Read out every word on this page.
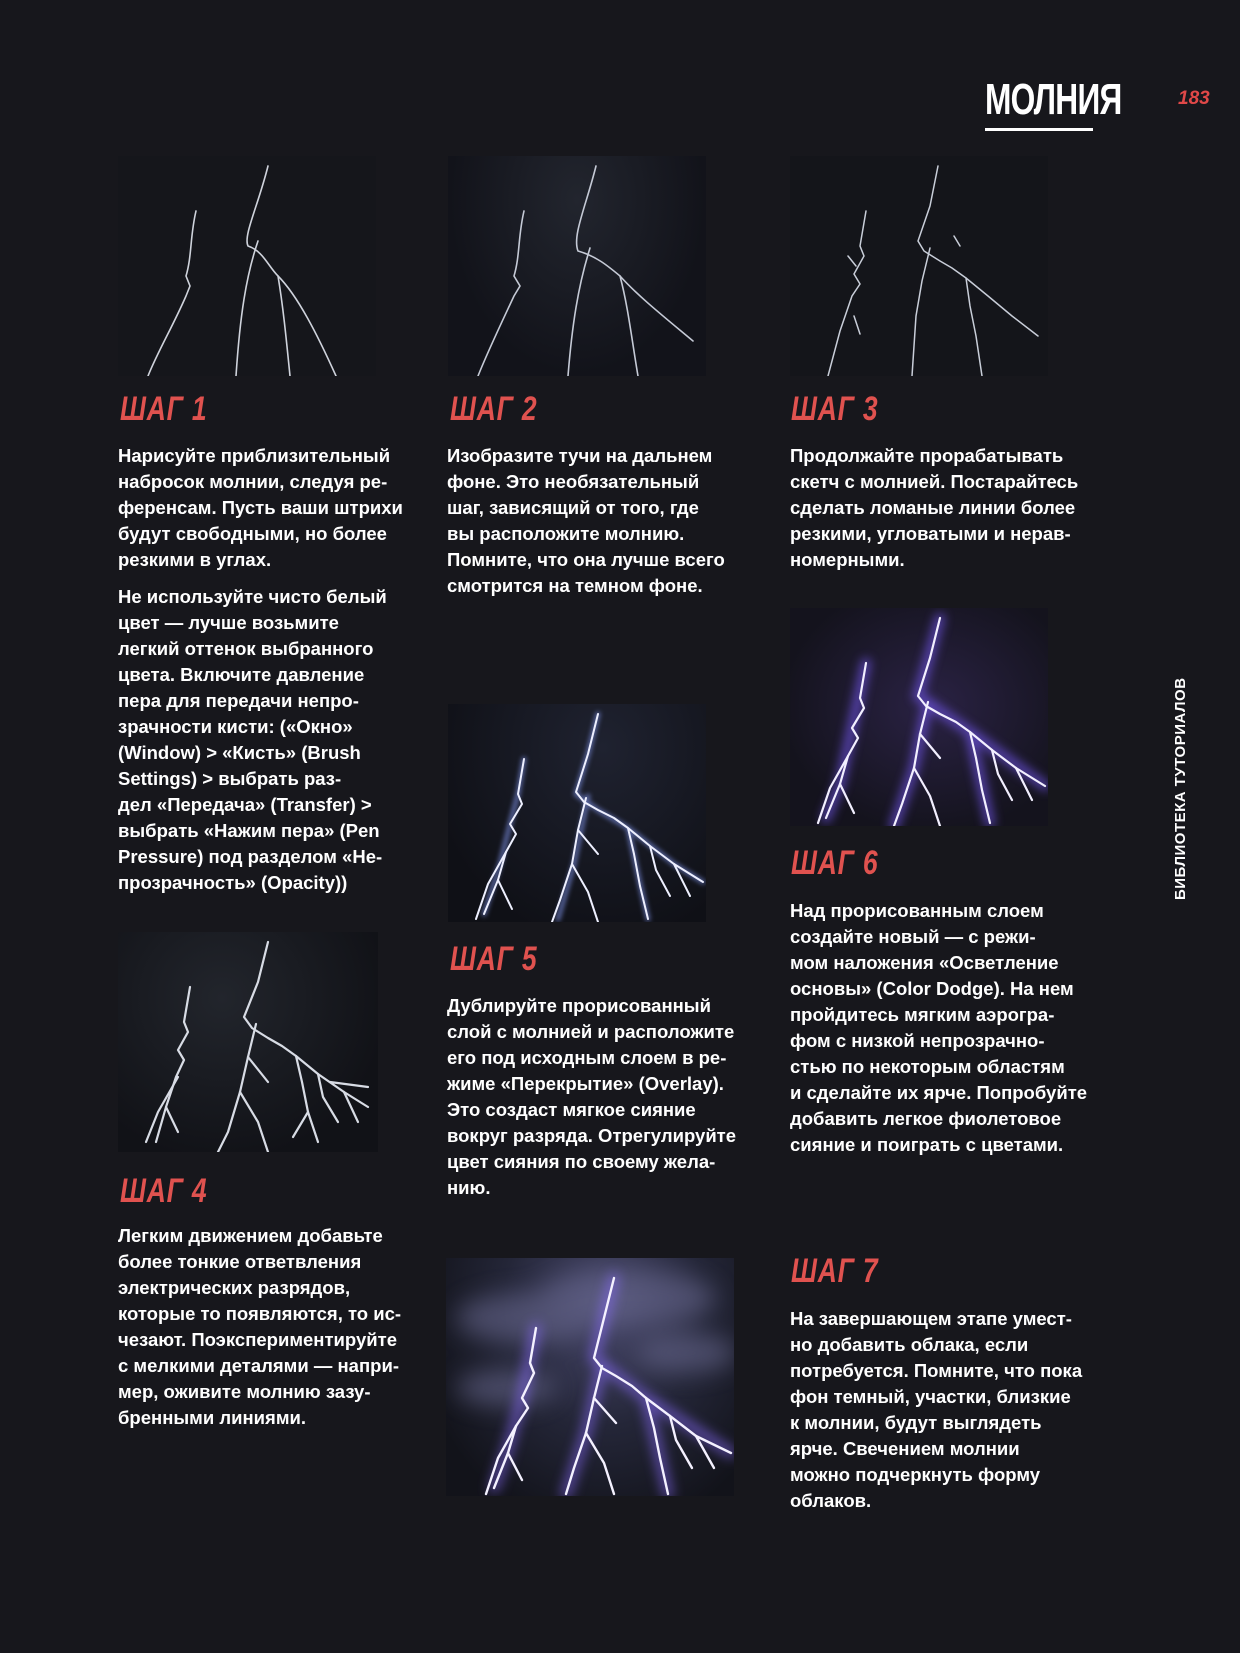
МОЛНИЯ	183
БИБЛИОТЕКА ТУТОРИАЛОВ
ШАГ 1	ШАГ 2	ШАГ 3
ШАГ 4
ШАГ 5
ШАГ 6
ШАГ 7
Нарисуйте приблизительный
набросок молнии, следуя ре-
ференсам. Пусть ваши штрихи
будут свободными, но более
резкими в углах.
Не используйте чисто белый
цвет — лучше возьмите
легкий оттенок выбранного
цвета. Включите давление
пера для передачи непро-
зрачности кисти: («Окно»
(Window) > «Кисть» (Brush
Settings) > выбрать раз-
дел «Передача» (Transfer) >
выбрать «Нажим пера» (Pen
Pressure) под разделом «Не-
прозрачность» (Opacity))
Изобразите тучи на дальнем
фоне. Это необязательный
шаг, зависящий от того, где
вы расположите молнию.
Помните, что она лучше всего
смотрится на темном фоне.
Продолжайте прорабатывать
скетч с молнией. Постарайтесь
сделать ломаные линии более
резкими, угловатыми и нерав-
номерными.
Легким движением добавьте
более тонкие ответвления
электрических разрядов,
которые то появляются, то ис-
чезают. Поэкспериментируйте
с мелкими деталями — напри-
мер, оживите молнию зазу-
бренными линиями.
Дублируйте прорисованный
слой с молнией и расположите
его под исходным слоем в ре-
жиме «Перекрытие» (Overlay).
Это создаст мягкое сияние
вокруг разряда. Отрегулируйте
цвет сияния по своему жела-
нию.
Над прорисованным слоем
создайте новый — с режи-
мом наложения «Осветление
основы» (Color Dodge). На нем
пройдитесь мягким аэрогра-
фом с низкой непрозрачно-
стью по некоторым областям
и сделайте их ярче. Попробуйте
добавить легкое фиолетовое
сияние и поиграть с цветами.
На завершающем этапе умест-
но добавить облака, если
потребуется. Помните, что пока
фон темный, участки, близкие
к молнии, будут выглядеть
ярче. Свечением молнии
можно подчеркнуть форму
облаков.
